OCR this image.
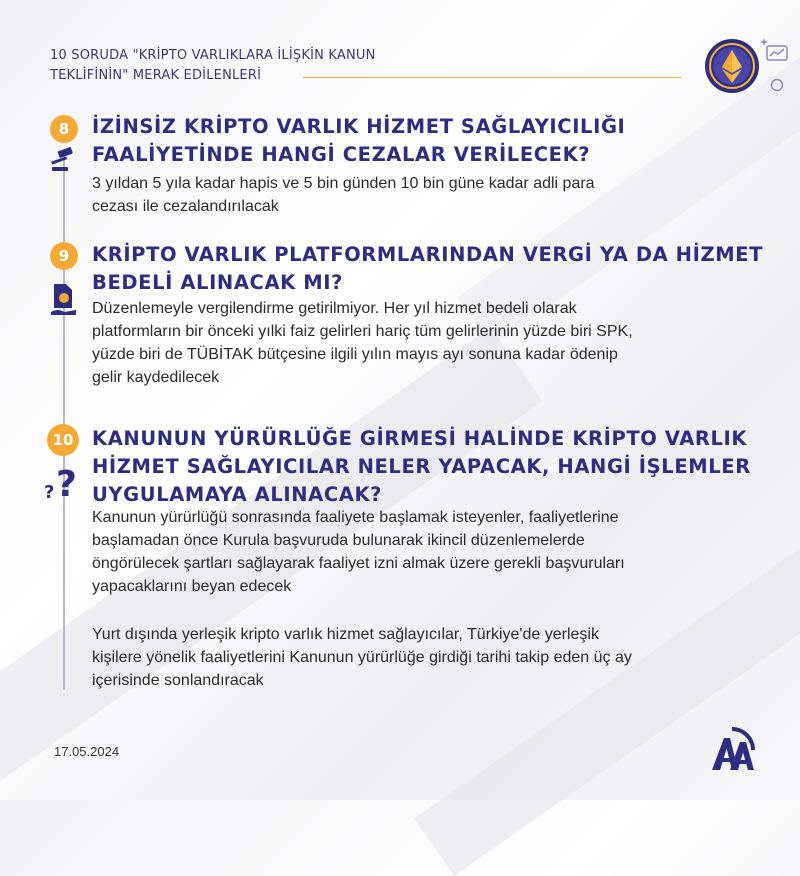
10 SORUDA "KRİPTO VARLIKLARA İLİŞKİN KANUN
TEKLİFİNİN" MERAK EDİLENLERİ
8	İZİNSİZ KRİPTO VARLIK HİZMET SAĞLAYICILIĞI
FAALİYETİNDE HANGİ CEZALAR VERİLECEK?
3 yıldan 5 yıla kadar hapis ve 5 bin günden 10 bin güne kadar adli para
cezası ile cezalandırılacak
9	KRİPTO VARLIK PLATFORMLARINDAN VERGİ YA DA HİZMET
BEDELİ ALINACAK MI?
Düzenlemeyle vergilendirme getirilmiyor. Her yıl hizmet bedeli olarak
platformların bir önceki yılki faiz gelirleri hariç tüm gelirlerinin yüzde biri SPK,
yüzde biri de TÜBİTAK bütçesine ilgili yılın mayıs ayı sonuna kadar ödenip
gelir kaydedilecek
10
?
?
KANUNUN YÜRÜRLÜĞE GİRMESİ HALİNDE KRİPTO VARLIK
HİZMET SAĞLAYICILAR NELER YAPACAK, HANGİ İŞLEMLER
UYGULAMAYA ALINACAK?
Kanunun yürürlüğü sonrasında faaliyete başlamak isteyenler, faaliyetlerine
başlamadan önce Kurula başvuruda bulunarak ikincil düzenlemelerde
öngörülecek şartları sağlayarak faaliyet izni almak üzere gerekli başvuruları
yapacaklarını beyan edecek
Yurt dışında yerleşik kripto varlık hizmet sağlayıcılar, Türkiye'de yerleşik
kişilere yönelik faaliyetlerini Kanunun yürürlüğe girdiği tarihi takip eden üç ay
içerisinde sonlandıracak
17.05.2024
